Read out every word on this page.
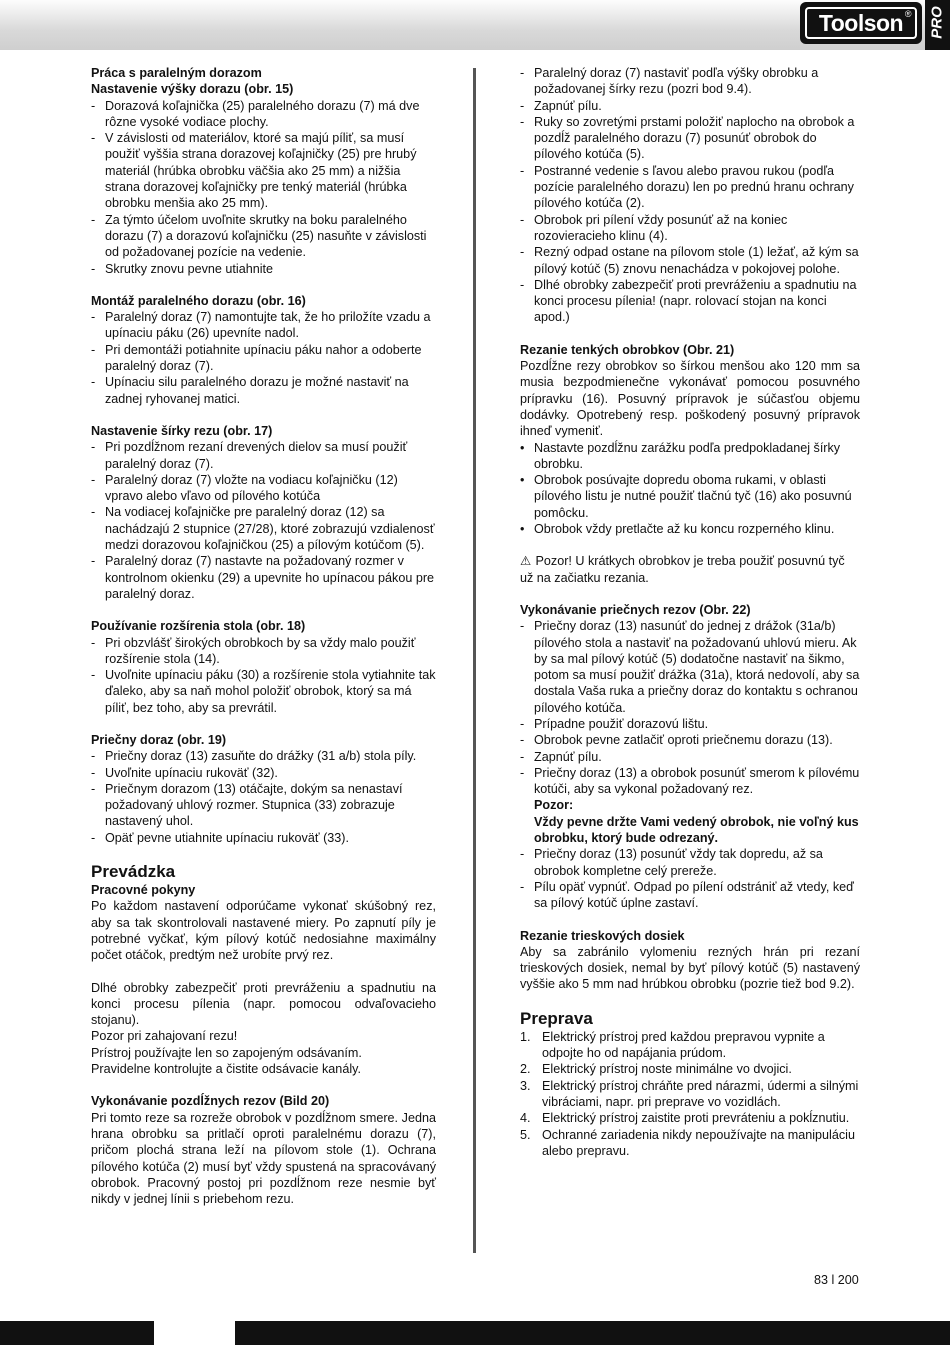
Toolson ® PRO

Práca s paralelným dorazom

Nastavenie výšky dorazu (obr. 15)

- Dorazová koľajnička (25) paralelného dorazu (7) má dve rôzne vysoké vodiace plochy.
- V závislosti od materiálov, ktoré sa majú píliť, sa musí použiť vyššia strana dorazovej koľajničky (25) pre hrubý materiál (hrúbka obrobku väčšia ako 25 mm) a nižšia strana dorazovej koľajničky pre tenký materiál (hrúbka obrobku menšia ako 25 mm).
- Za týmto účelom uvoľnite skrutky na boku paralelného dorazu (7) a dorazovú koľajničku (25) nasuňte v závislosti od požadovanej pozície na vedenie.
- Skrutky znovu pevne utiahnite

Montáž paralelného dorazu (obr. 16)

- Paralelný doraz (7) namontujte tak, že ho priložíte vzadu a upínaciu páku (26) upevníte nadol.
- Pri demontáži potiahnite upínaciu páku nahor a odoberte paralelný doraz (7).
- Upínaciu silu paralelného dorazu je možné nastaviť na zadnej ryhovanej matici.

Nastavenie šírky rezu (obr. 17)

- Pri pozdĺžnom rezaní drevených dielov sa musí použiť paralelný doraz (7).
- Paralelný doraz (7) vložte na vodiacu koľajničku (12) vpravo alebo vľavo od pílového kotúča
- Na vodiacej koľajničke pre paralelný doraz (12) sa nachádzajú 2 stupnice (27/28), ktoré zobrazujú vzdialenosť medzi dorazovou koľajničkou (25) a pílovým kotúčom (5).
- Paralelný doraz (7) nastavte na požadovaný rozmer v kontrolnom okienku (29) a upevnite ho upínacou pákou pre paralelný doraz.

Používanie rozšírenia stola (obr. 18)

- Pri obzvlášť širokých obrobkoch by sa vždy malo použiť rozšírenie stola (14).
- Uvoľnite upínaciu páku (30) a rozšírenie stola vytiahnite tak ďaleko, aby sa naň mohol položiť obrobok, ktorý sa má píliť, bez toho, aby sa prevrátil.

Priečny doraz (obr. 19)

- Priečny doraz (13) zasuňte do drážky (31 a/b) stola píly.
- Uvoľnite upínaciu rukoväť (32).
- Priečnym dorazom (13) otáčajte, dokým sa nenastaví požadovaný uhlový rozmer. Stupnica (33) zobrazuje nastavený uhol.
- Opäť pevne utiahnite upínaciu rukoväť (33).

Prevádzka

Pracovné pokyny

Po každom nastavení odporúčame vykonať skúšobný rez, aby sa tak skontrolovali nastavené miery. Po zapnutí píly je potrebné vyčkať, kým pílový kotúč nedosiahne maximálny počet otáčok, predtým než urobíte prvý rez.

Dlhé obrobky zabezpečiť proti prevráženiu a spadnutiu na konci procesu pílenia (napr. pomocou odvaľovacieho stojanu).

Pozor pri zahajovaní rezu!

Prístroj používajte len so zapojeným odsávaním.

Pravidelne kontrolujte a čistite odsávacie kanály.

Vykonávanie pozdĺžnych rezov (Bild 20)

Pri tomto reze sa rozreže obrobok v pozdĺžnom smere. Jedna hrana obrobku sa pritlačí oproti paralelnému dorazu (7), pričom plochá strana leží na pílovom stole (1). Ochrana pílového kotúča (2) musí byť vždy spustená na spracovávaný obrobok. Pracovný postoj pri pozdĺžnom reze nesmie byť nikdy v jednej línii s priebehom rezu.

- Paralelný doraz (7) nastaviť podľa výšky obrobku a požadovanej šírky rezu (pozri bod 9.4).
- Zapnúť pílu.
- Ruky so zovretými prstami položiť naplocho na obrobok a pozdĺž paralelného dorazu (7) posunúť obrobok do pílového kotúča (5).
- Postranné vedenie s ľavou alebo pravou rukou (podľa pozície paralelného dorazu) len po prednú hranu ochrany pílového kotúča (2).
- Obrobok pri pílení vždy posunúť až na koniec rozovieracieho klinu (4).
- Rezný odpad ostane na pílovom stole (1) ležať, až kým sa pílový kotúč (5) znovu nenachádza v pokojovej polohe.
- Dlhé obrobky zabezpečiť proti prevráženiu a spadnutiu na konci procesu pílenia! (napr. rolovací stojan na konci apod.)

Rezanie tenkých obrobkov (Obr. 21)

Pozdĺžne rezy obrobkov so šírkou menšou ako 120 mm sa musia bezpodmienečne vykonávať pomocou posuvného prípravku (16). Posuvný prípravok je súčasťou objemu dodávky. Opotrebený resp. poškodený posuvný prípravok ihneď vymeniť.

• Nastavte pozdĺžnu zarážku podľa predpokladanej šírky obrobku.
• Obrobok posúvajte dopredu oboma rukami, v oblasti pílového listu je nutné použiť tlačnú tyč (16) ako posuvnú pomôcku.
• Obrobok vždy pretlačte až ku koncu rozperného klinu.

⚠ Pozor! U krátkych obrobkov je treba použiť posuvnú tyč už na začiatku rezania.

Vykonávanie priečnych rezov (Obr. 22)

- Priečny doraz (13) nasunúť do jednej z drážok (31a/b) pílového stola a nastaviť na požadovanú uhlovú mieru. Ak by sa mal pílový kotúč (5) dodatočne nastaviť na šikmo, potom sa musí použiť drážka (31a), ktorá nedovolí, aby sa dostala Vaša ruka a priečny doraz do kontaktu s ochranou pílového kotúča.
- Prípadne použiť dorazovú lištu.
- Obrobok pevne zatlačiť oproti priečnemu dorazu (13).
- Zapnúť pílu.
- Priečny doraz (13) a obrobok posunúť smerom k pílovému kotúči, aby sa vykonal požadovaný rez.

Pozor:

Vždy pevne držte Vami vedený obrobok, nie voľný kus obrobku, ktorý bude odrezaný.

- Priečny doraz (13) posunúť vždy tak dopredu, až sa obrobok kompletne celý prereže.
- Pílu opäť vypnúť. Odpad po pílení odstrániť až vtedy, keď sa pílový kotúč úplne zastaví.

Rezanie trieskových dosiek

Aby sa zabránilo vylomeniu rezných hrán pri rezaní trieskových dosiek, nemal by byť pílový kotúč (5) nastavený vyššie ako 5 mm nad hrúbkou obrobku (pozrie tiež bod 9.2).

Preprava

1. Elektrický prístroj pred každou prepravou vypnite a odpojte ho od napájania prúdom.
2. Elektrický prístroj noste minimálne vo dvojici.
3. Elektrický prístroj chráňte pred nárazmi, údermi a silnými vibráciami, napr. pri preprave vo vozidlách.
4. Elektrický prístroj zaistite proti prevráteniu a pokĺznutiu.
5. Ochranné zariadenia nikdy nepoužívajte na manipuláciu alebo prepravu.
83 l 200
